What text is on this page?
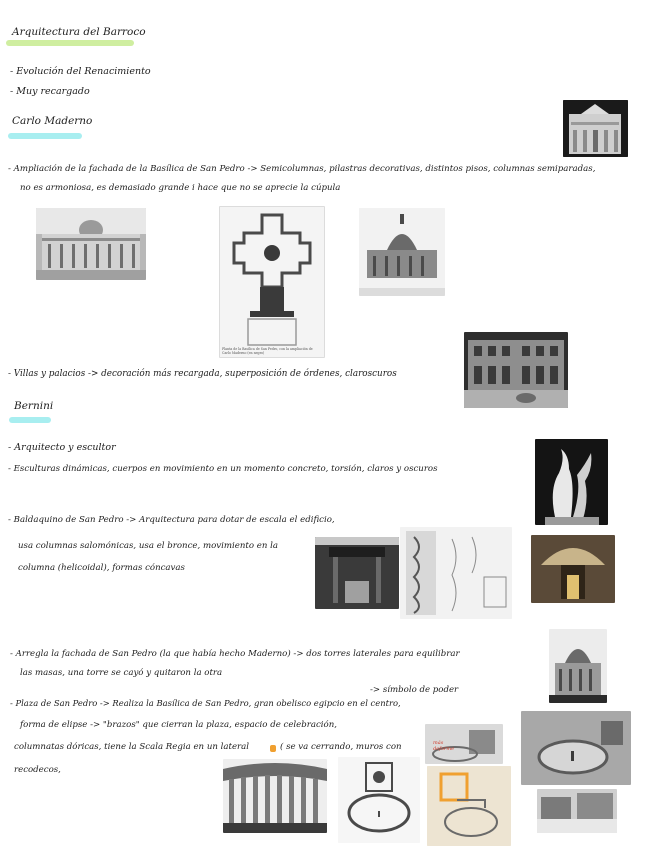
Arquitectura del Barroco
- Evolución del Renacimiento
- Muy recargado
Carlo Maderno
- Ampliación de la fachada de la Basílica de San Pedro -> Semicolumnas, pilastras decorativas, distintos pisos, columnas semiparadas,
no es armoniosa, es demasiado grande i hace que no se aprecie la cúpula
Planta de la Basílica de San Pedro, con la ampliación de Carlo Maderno (en negro)
- Villas y palacios -> decoración más recargada, superposición de órdenes, claroscuros
Bernini
- Arquitecto y escultor
- Esculturas dinámicas, cuerpos en movimiento en un momento concreto, torsión, claros y oscuros
- Baldaquino de San Pedro -> Arquitectura para dotar de escala el edificio,
usa columnas salomónicas, usa el bronce, movimiento en la
columna (helicoidal), formas cóncavas
- Arregla la fachada de San Pedro (la que había hecho Maderno) -> dos torres laterales para equilibrar
las masas, una torre se cayó y quitaron la otra
-> símbolo de poder
- Plaza de San Pedro -> Realiza la Basílica de San Pedro, gran obelisco egipcio en el centro,
forma de elipse -> "brazos" que cierran la plaza, espacio de celebración,
columnatas dóricas, tiene la Scala Regia en un lateral	( se va cerrando, muros con
recodecos,
más deforme
